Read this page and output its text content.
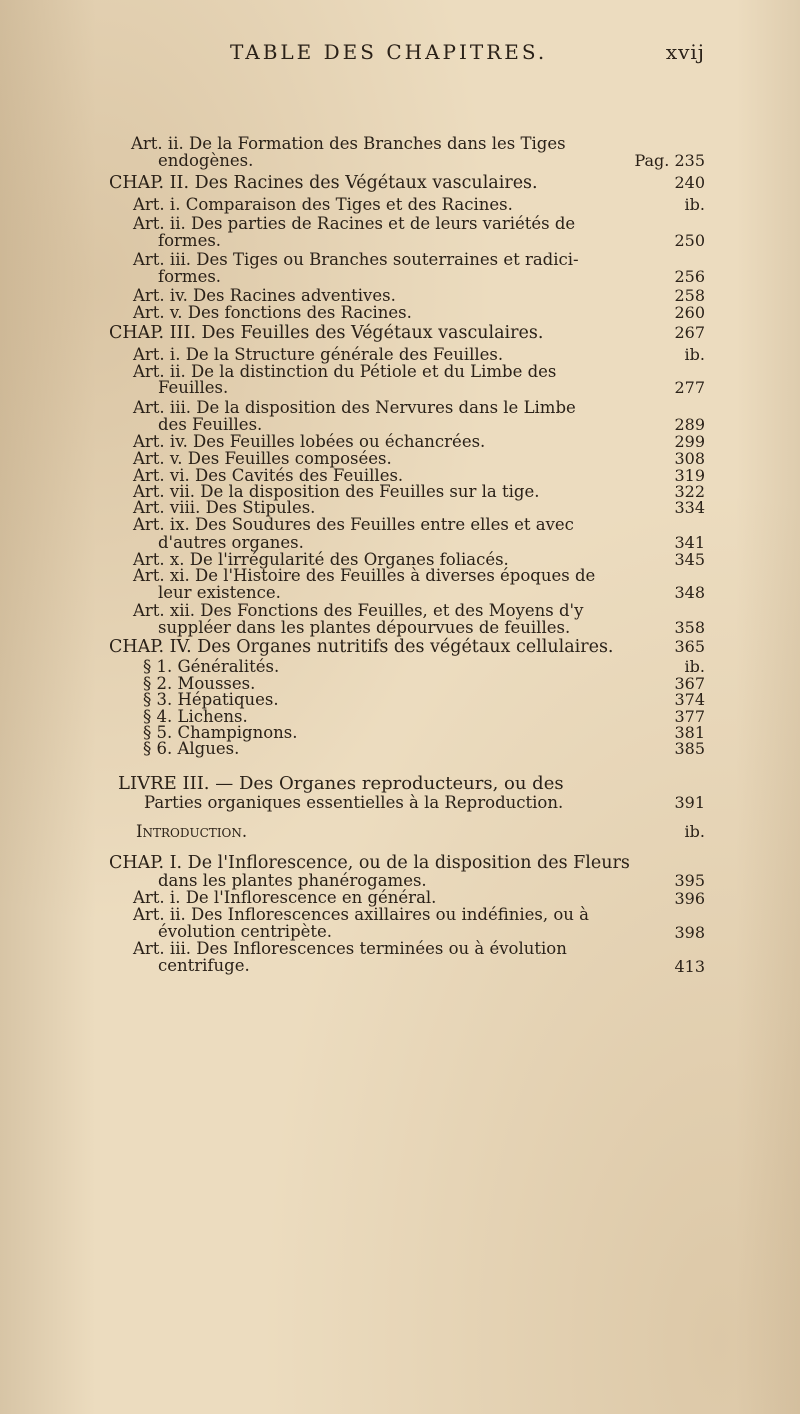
TABLE DES CHAPITRES.	xvij
Art. ii. De la Formation des Branches dans les Tiges
endogènes.	Pag. 235
CHAP. II. Des Racines des Végétaux vasculaires.	240
Art. i. Comparaison des Tiges et des Racines.	ib.
Art. ii. Des parties de Racines et de leurs variétés de
formes.	250
Art. iii. Des Tiges ou Branches souterraines et radici-
formes.	256
Art. iv. Des Racines adventives.	258
Art. v. Des fonctions des Racines.	260
CHAP. III. Des Feuilles des Végétaux vasculaires.	267
Art. i. De la Structure générale des Feuilles.	ib.
Art. ii. De la distinction du Pétiole et du Limbe des
Feuilles.	277
Art. iii. De la disposition des Nervures dans le Limbe
des Feuilles.	289
Art. iv. Des Feuilles lobées ou échancrées.	299
Art. v. Des Feuilles composées.	308
Art. vi. Des Cavités des Feuilles.	319
Art. vii. De la disposition des Feuilles sur la tige.	322
Art. viii. Des Stipules.	334
Art. ix. Des Soudures des Feuilles entre elles et avec
d'autres organes.	341
Art. x. De l'irrégularité des Organes foliacés.	345
Art. xi. De l'Histoire des Feuilles à diverses époques de
leur existence.	348
Art. xii. Des Fonctions des Feuilles, et des Moyens d'y
suppléer dans les plantes dépourvues de feuilles.	358
CHAP. IV. Des Organes nutritifs des végétaux cellulaires.	365
§ 1. Généralités.	ib.
§ 2. Mousses.	367
§ 3. Hépatiques.	374
§ 4. Lichens.	377
§ 5. Champignons.	381
§ 6. Algues.	385
LIVRE III. — Des Organes reproducteurs, ou des
Parties organiques essentielles à la Reproduction.	391
Introduction.	ib.
CHAP. I. De l'Inflorescence, ou de la disposition des Fleurs
dans les plantes phanérogames.	395
Art. i. De l'Inflorescence en général.	396
Art. ii. Des Inflorescences axillaires ou indéfinies, ou à
évolution centripète.	398
Art. iii. Des Inflorescences terminées ou à évolution
centrifuge.	413
